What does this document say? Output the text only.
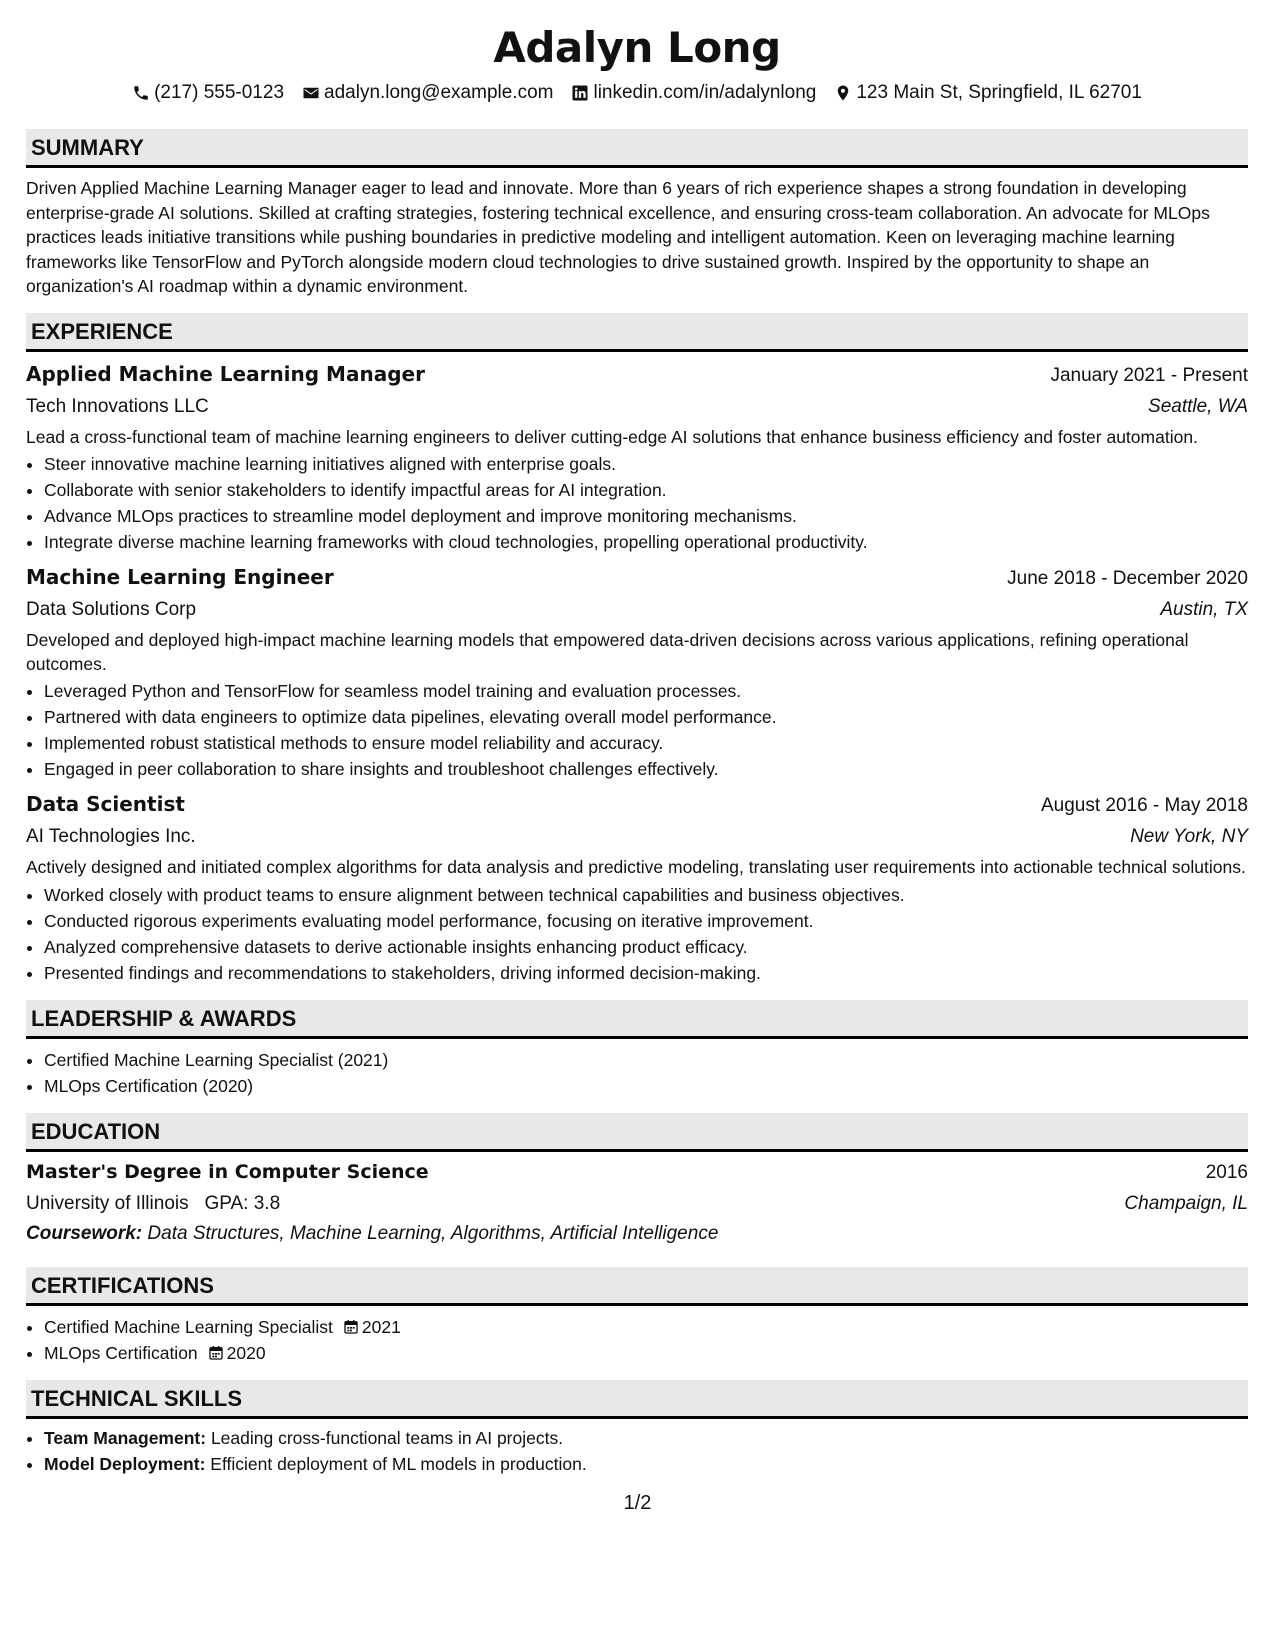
Adalyn Long
(217) 555-0123 adalyn.long@example.com linkedin.com/in/adalynlong 123 Main St, Springfield, IL 62701
SUMMARY

Driven Applied Machine Learning Manager eager to lead and innovate. More than 6 years of rich experience shapes a strong foundation in developing enterprise-grade AI solutions. Skilled at crafting strategies, fostering technical excellence, and ensuring cross-team collaboration. An advocate for MLOps practices leads initiative transitions while pushing boundaries in predictive modeling and intelligent automation. Keen on leveraging machine learning frameworks like TensorFlow and PyTorch alongside modern cloud technologies to drive sustained growth. Inspired by the opportunity to shape an organization's AI roadmap within a dynamic environment.

EXPERIENCE
Applied Machine Learning Manager	January 2021 - Present
Tech Innovations LLC	Seattle, WA
Lead a cross-functional team of machine learning engineers to deliver cutting-edge AI solutions that enhance business efficiency and foster automation.
• Steer innovative machine learning initiatives aligned with enterprise goals.
• Collaborate with senior stakeholders to identify impactful areas for AI integration.
• Advance MLOps practices to streamline model deployment and improve monitoring mechanisms.
• Integrate diverse machine learning frameworks with cloud technologies, propelling operational productivity.
Machine Learning Engineer	June 2018 - December 2020
Data Solutions Corp	Austin, TX
Developed and deployed high-impact machine learning models that empowered data-driven decisions across various applications, refining operational outcomes.
• Leveraged Python and TensorFlow for seamless model training and evaluation processes.
• Partnered with data engineers to optimize data pipelines, elevating overall model performance.
• Implemented robust statistical methods to ensure model reliability and accuracy.
• Engaged in peer collaboration to share insights and troubleshoot challenges effectively.
Data Scientist	August 2016 - May 2018
AI Technologies Inc.	New York, NY
Actively designed and initiated complex algorithms for data analysis and predictive modeling, translating user requirements into actionable technical solutions.
• Worked closely with product teams to ensure alignment between technical capabilities and business objectives.
• Conducted rigorous experiments evaluating model performance, focusing on iterative improvement.
• Analyzed comprehensive datasets to derive actionable insights enhancing product efficacy.
• Presented findings and recommendations to stakeholders, driving informed decision-making.
LEADERSHIP & AWARDS
• Certified Machine Learning Specialist (2021)
• MLOps Certification (2020)
EDUCATION
Master's Degree in Computer Science	2016
University of Illinois GPA: 3.8	Champaign, IL
Coursework: Data Structures, Machine Learning, Algorithms, Artificial Intelligence
CERTIFICATIONS
• Certified Machine Learning Specialist 2021
• MLOps Certification 2020
TECHNICAL SKILLS
• Team Management: Leading cross-functional teams in AI projects.
• Model Deployment: Efficient deployment of ML models in production.
1/2
